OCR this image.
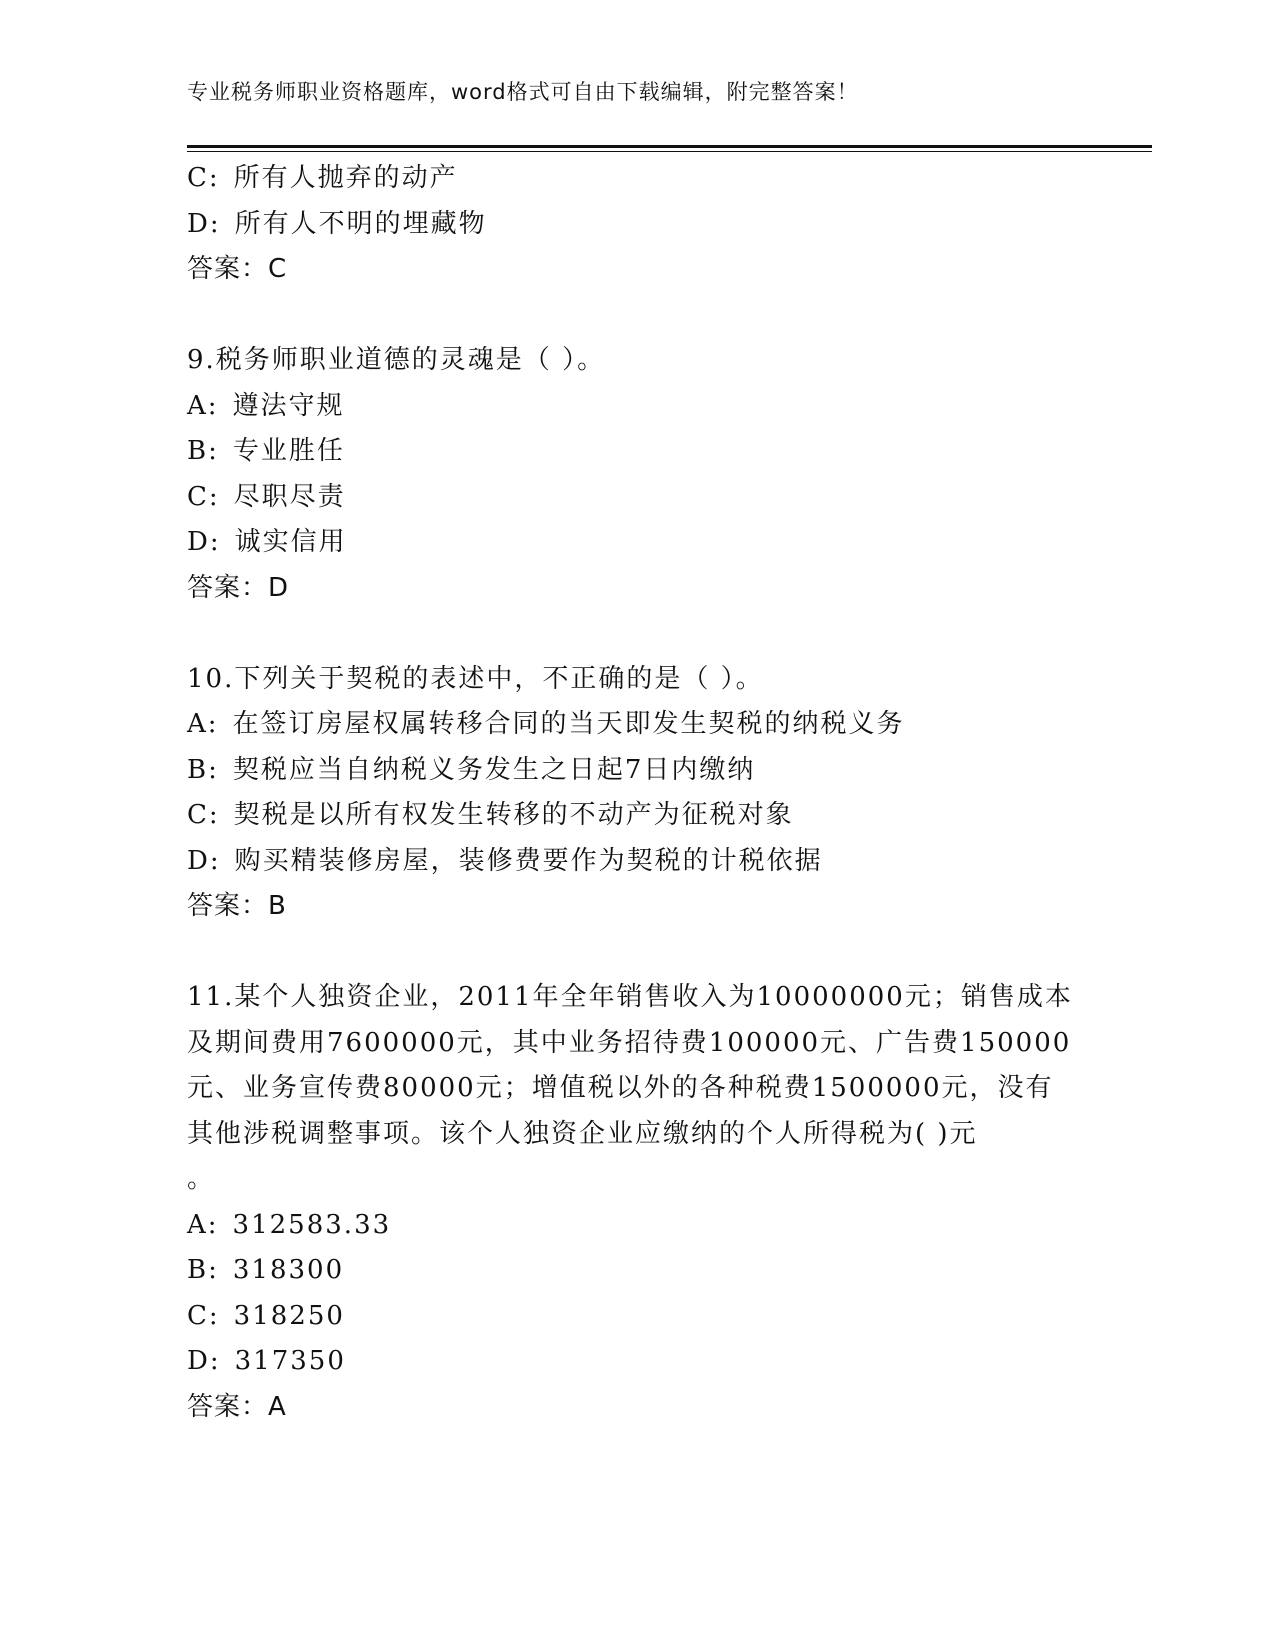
专业税务师职业资格题库，word格式可自由下载编辑，附完整答案！
C: 所有人抛弃的动产
D: 所有人不明的埋藏物
答案：C
9.税务师职业道德的灵魂是（ ）。
A: 遵法守规
B: 专业胜任
C: 尽职尽责
D: 诚实信用
答案：D
10.下列关于契税的表述中，不正确的是（ ）。
A: 在签订房屋权属转移合同的当天即发生契税的纳税义务
B: 契税应当自纳税义务发生之日起7日内缴纳
C: 契税是以所有权发生转移的不动产为征税对象
D: 购买精装修房屋，装修费要作为契税的计税依据
答案：B
11.某个人独资企业，2011年全年销售收入为10000000元；销售成本
及期间费用7600000元，其中业务招待费100000元、广告费150000
元、业务宣传费80000元；增值税以外的各种税费1500000元，没有
其他涉税调整事项。该个人独资企业应缴纳的个人所得税为( )元
。
A: 312583.33
B: 318300
C: 318250
D: 317350
答案：A
